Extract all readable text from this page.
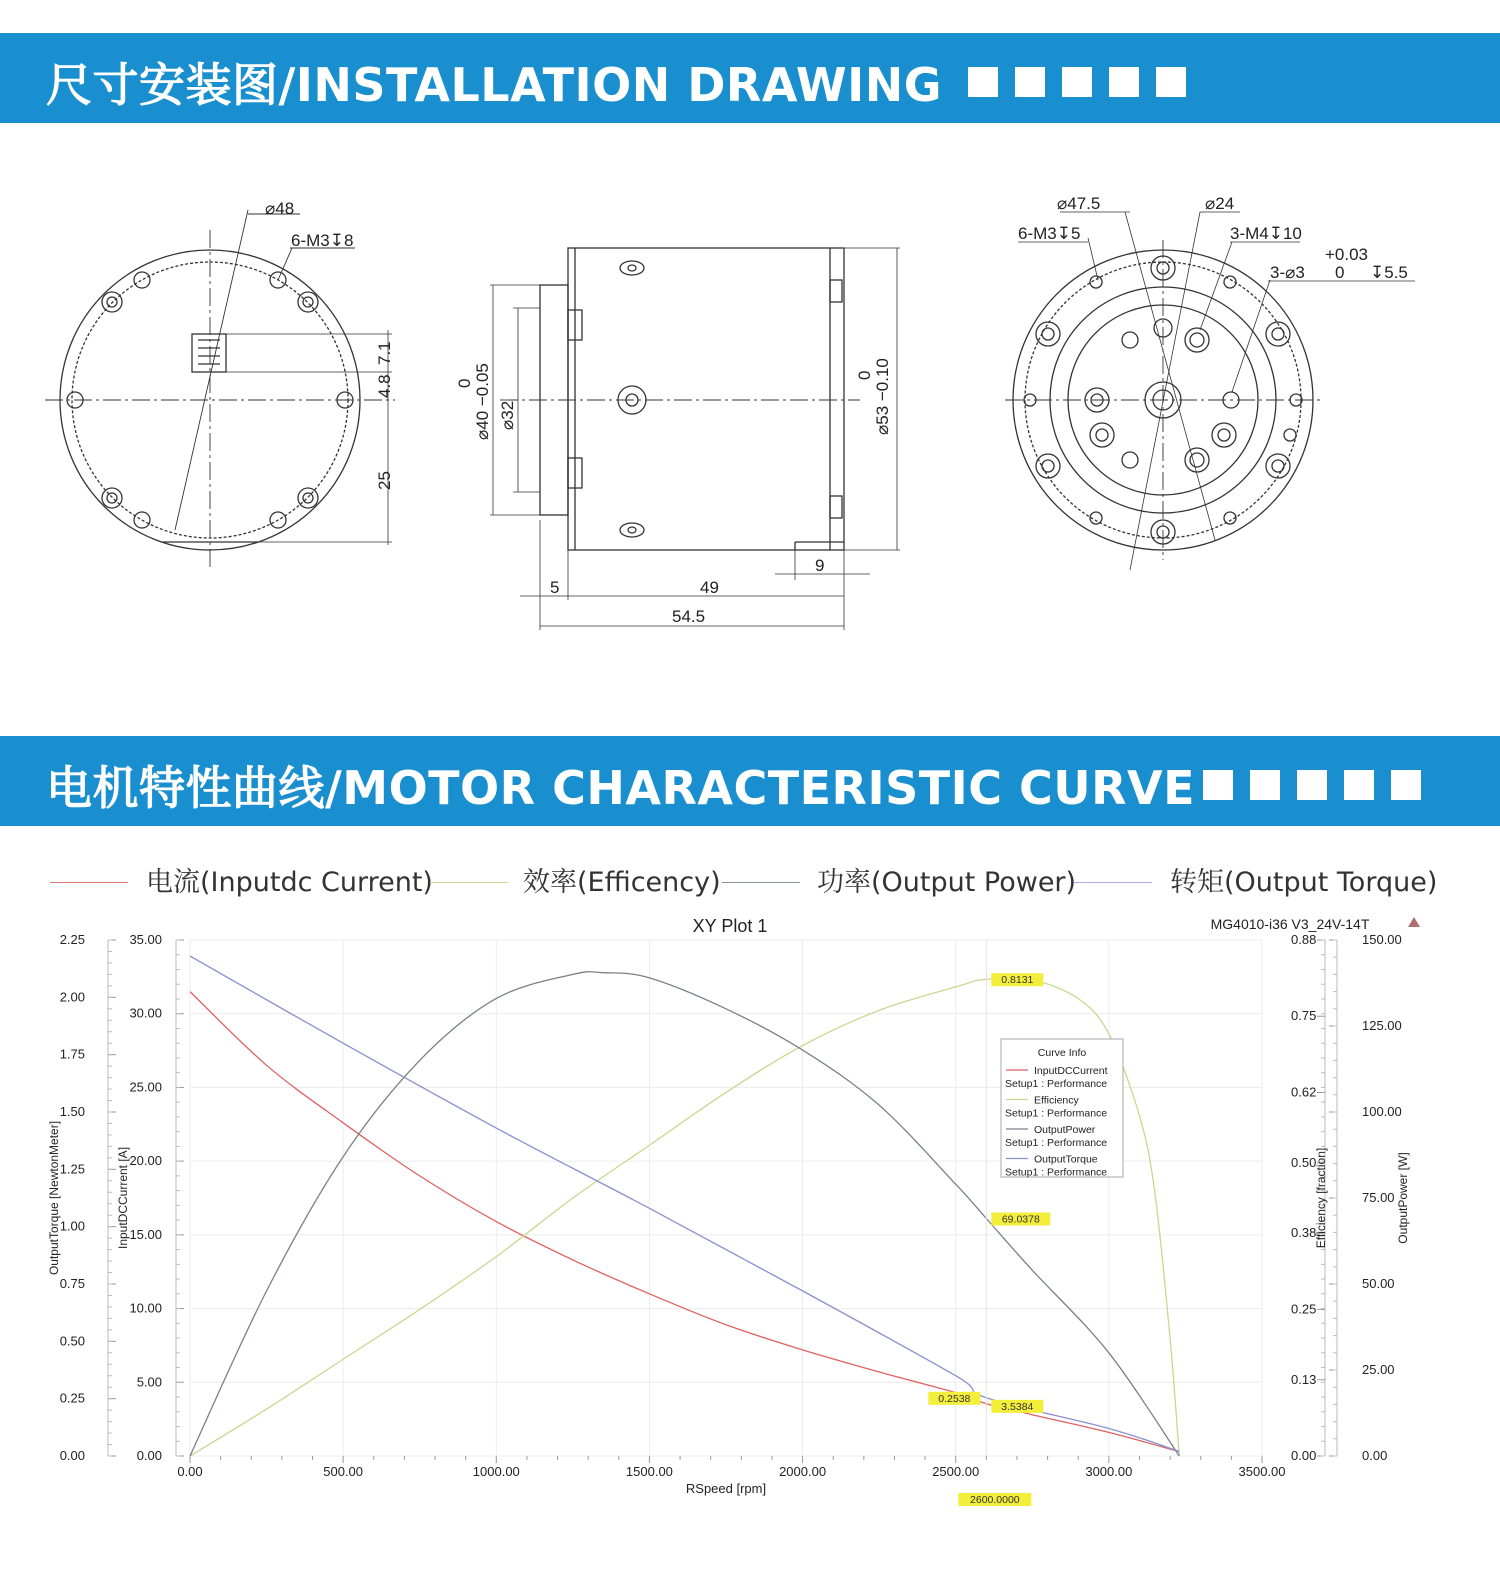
尺寸安装图/INSTALLATION DRAWING
⌀48
6-M3↧8
7.1
4.8
25
0 ⌀40 −0.05 ⌀32
0 ⌀53 −0.10
5	49
54.5
9
⌀47.5	⌀24
6-M3↧5	3-M4↧10
+0.03
0
3-⌀3	↧5.5
电机特性曲线/MOTOR CHARACTERISTIC CURVE
电流(Inputdc Current)	效率(Efficency)	功率(Output Power)	转矩(Output Torque)
XY Plot 1	MG4010-i36 V3_24V-14T
0.00	500.00	1000.00	1500.00	2000.00	2500.00	3000.00	3500.00
RSpeed [rpm]
0.00
0.25
0.50
0.75
1.00
1.25
1.50
1.75
2.00
2.25
OutputTorque [NewtonMeter]
0.00
5.00
10.00
15.00
20.00
25.00
30.00
35.00
InputDCCurrent [A]
0.00
0.13
0.25
0.38
0.50
0.62
0.75
0.88
Efficiency [fraction]
0.00
25.00
50.00
75.00
100.00
125.00
150.00
OutputPower [W]
0.8131
69.0378
0.2538
3.5384
2600.0000
Curve Info
InputDCCurrent
Setup1 : Performance
Efficiency
Setup1 : Performance
OutputPower
Setup1 : Performance
OutputTorque
Setup1 : Performance
